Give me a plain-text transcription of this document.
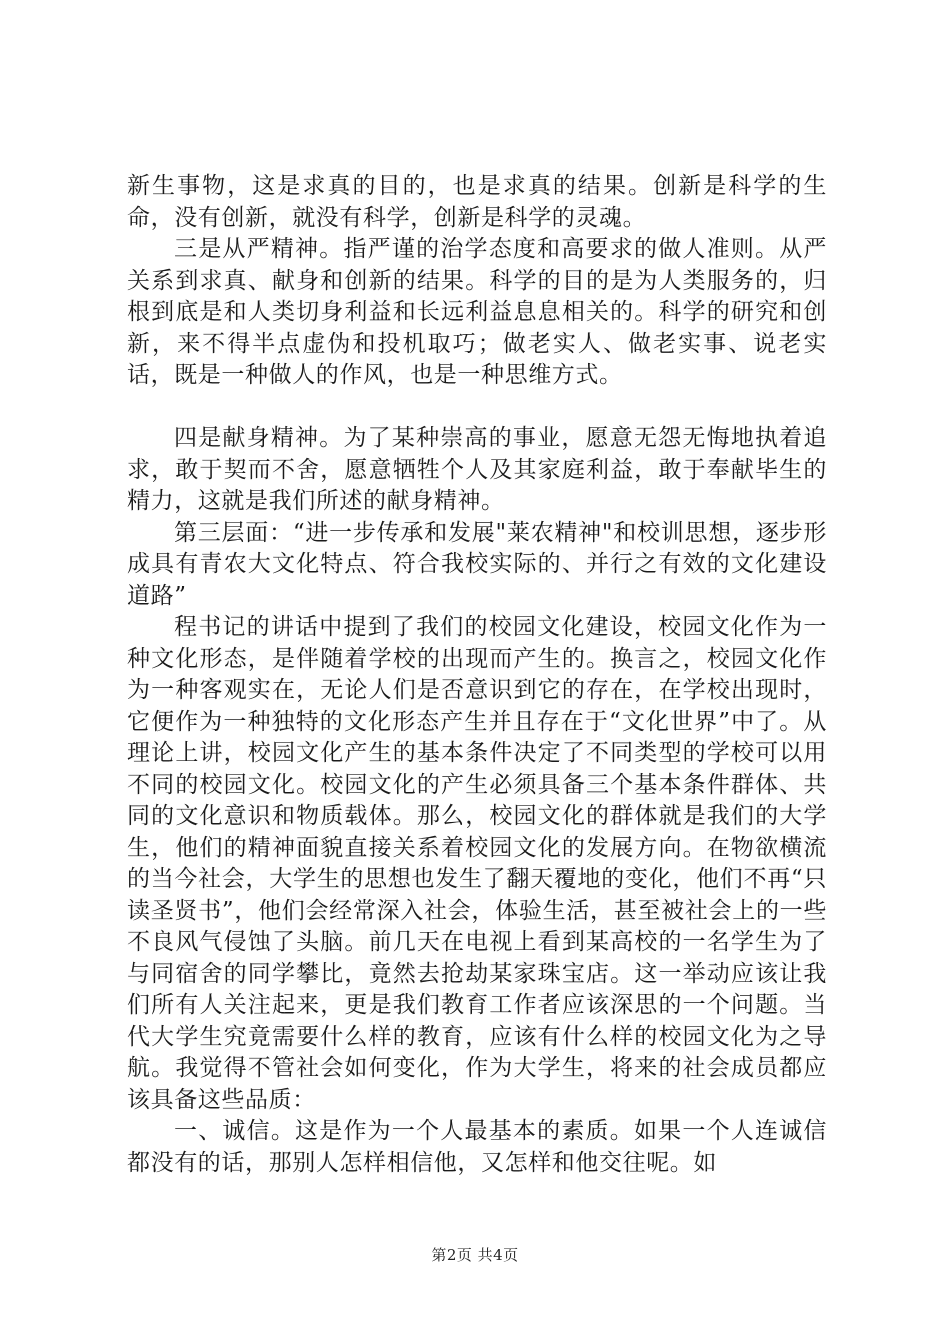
新生事物，这是求真的目的，也是求真的结果。创新是科学的生命，没有创新，就没有科学，创新是科学的灵魂。

三是从严精神。指严谨的治学态度和高要求的做人准则。从严关系到求真、献身和创新的结果。科学的目的是为人类服务的，归根到底是和人类切身利益和长远利益息息相关的。科学的研究和创新，来不得半点虚伪和投机取巧；做老实人、做老实事、说老实话，既是一种做人的作风，也是一种思维方式。

四是献身精神。为了某种崇高的事业，愿意无怨无悔地执着追求，敢于契而不舍，愿意牺牲个人及其家庭利益，敢于奉献毕生的精力，这就是我们所述的献身精神。

第三层面：“进一步传承和发展"莱农精神"和校训思想，逐步形成具有青农大文化特点、符合我校实际的、并行之有效的文化建设道路”

程书记的讲话中提到了我们的校园文化建设，校园文化作为一种文化形态，是伴随着学校的出现而产生的。换言之，校园文化作为一种客观实在，无论人们是否意识到它的存在，在学校出现时，它便作为一种独特的文化形态产生并且存在于“文化世界”中了。从理论上讲，校园文化产生的基本条件决定了不同类型的学校可以用不同的校园文化。校园文化的产生必须具备三个基本条件群体、共同的文化意识和物质载体。那么，校园文化的群体就是我们的大学生，他们的精神面貌直接关系着校园文化的发展方向。在物欲横流的当今社会，大学生的思想也发生了翻天覆地的变化，他们不再“只读圣贤书”，他们会经常深入社会，体验生活，甚至被社会上的一些不良风气侵蚀了头脑。前几天在电视上看到某高校的一名学生为了与同宿舍的同学攀比，竟然去抢劫某家珠宝店。这一举动应该让我们所有人关注起来，更是我们教育工作者应该深思的一个问题。当代大学生究竟需要什么样的教育，应该有什么样的校园文化为之导航。我觉得不管社会如何变化，作为大学生，将来的社会成员都应该具备这些品质：

一、诚信。这是作为一个人最基本的素质。如果一个人连诚信都没有的话，那别人怎样相信他，又怎样和他交往呢。如

第2页 共4页
